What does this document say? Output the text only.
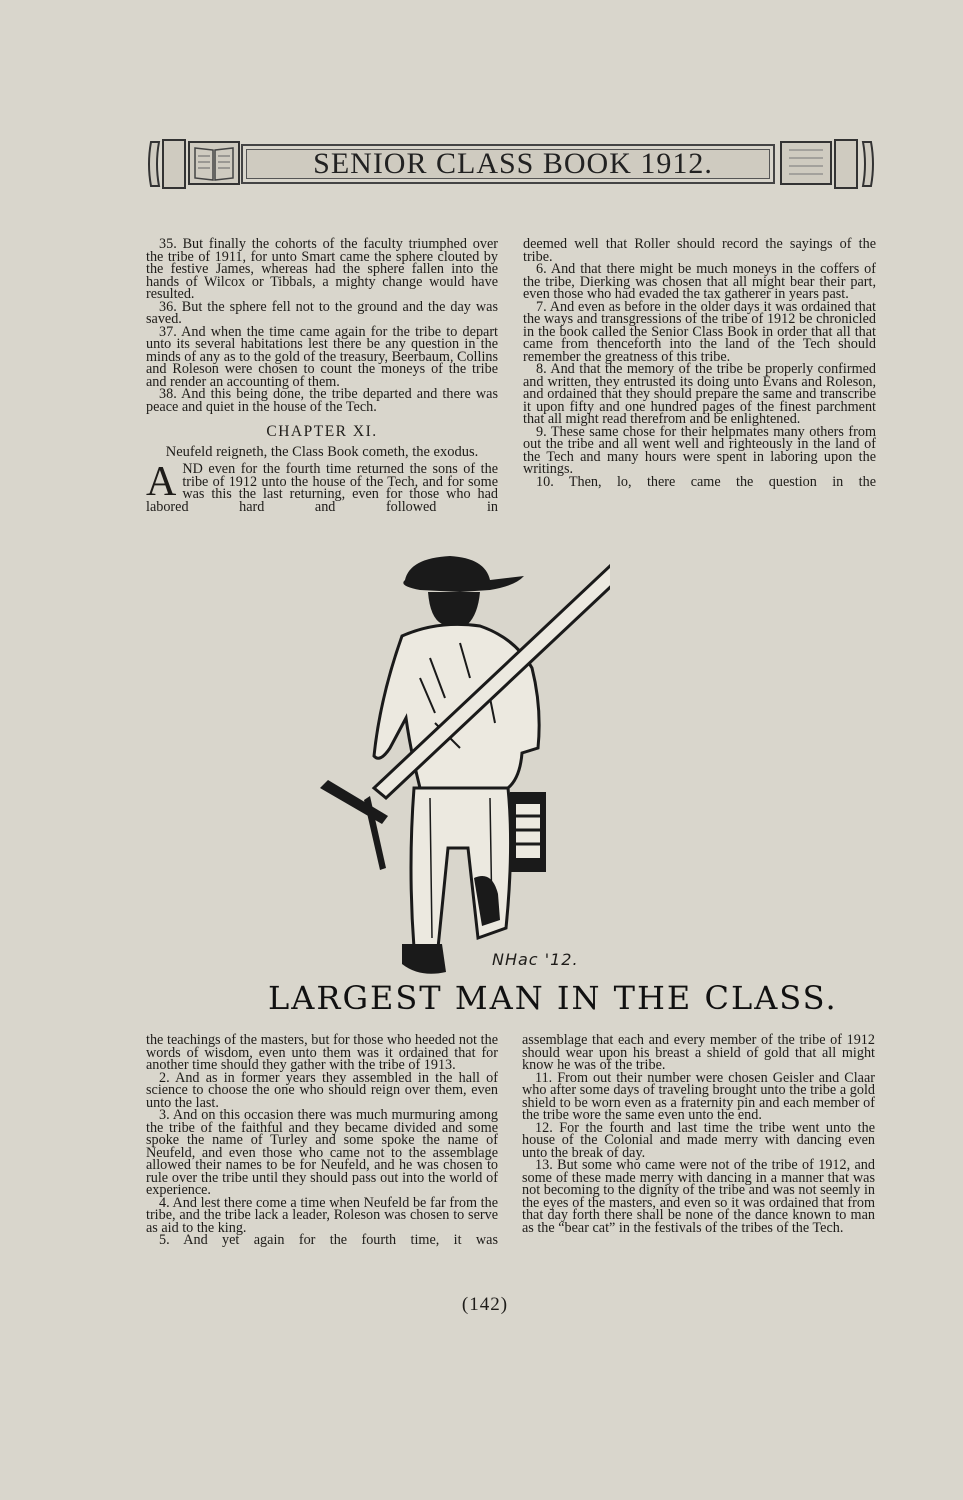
SENIOR CLASS BOOK 1912.

35. But finally the cohorts of the faculty triumphed over the tribe of 1911, for unto Smart came the sphere clouted by the festive James, whereas had the sphere fallen into the hands of Wilcox or Tibbals, a mighty change would have resulted.

36. But the sphere fell not to the ground and the day was saved.

37. And when the time came again for the tribe to depart unto its several habitations lest there be any question in the minds of any as to the gold of the treasury, Beerbaum, Collins and Roleson were chosen to count the moneys of the tribe and render an accounting of them.

38. And this being done, the tribe departed and there was peace and quiet in the house of the Tech.

CHAPTER XI.
Neufeld reigneth, the Class Book cometh, the exodus.

AND even for the fourth time returned the sons of the tribe of 1912 unto the house of the Tech, and for some was this the last returning, even for those who had labored hard and followed in

deemed well that Roller should record the sayings of the tribe.

6. And that there might be much moneys in the coffers of the tribe, Dierking was chosen that all might bear their part, even those who had evaded the tax gatherer in years past.

7. And even as before in the older days it was ordained that the ways and transgressions of the tribe of 1912 be chronicled in the book called the Senior Class Book in order that all that came from thenceforth into the land of the Tech should remember the greatness of this tribe.

8. And that the memory of the tribe be properly confirmed and written, they entrusted its doing unto Evans and Roleson, and ordained that they should prepare the same and transcribe it upon fifty and one hundred pages of the finest parchment that all might read therefrom and be enlightened.

9. These same chose for their helpmates many others from out the tribe and all went well and righteously in the land of the Tech and many hours were spent in laboring upon the writings.

10. Then, lo, there came the question in the

NHac '12.
LARGEST MAN IN THE CLASS.

the teachings of the masters, but for those who heeded not the words of wisdom, even unto them was it ordained that for another time should they gather with the tribe of 1913.

2. And as in former years they assembled in the hall of science to choose the one who should reign over them, even unto the last.

3. And on this occasion there was much murmuring among the tribe of the faithful and they became divided and some spoke the name of Turley and some spoke the name of Neufeld, and even those who came not to the assemblage allowed their names to be for Neufeld, and he was chosen to rule over the tribe until they should pass out into the world of experience.

4. And lest there come a time when Neufeld be far from the tribe, and the tribe lack a leader, Roleson was chosen to serve as aid to the king.

5. And yet again for the fourth time, it was

assemblage that each and every member of the tribe of 1912 should wear upon his breast a shield of gold that all might know he was of the tribe.

11. From out their number were chosen Geisler and Claar who after some days of traveling brought unto the tribe a gold shield to be worn even as a fraternity pin and each member of the tribe wore the same even unto the end.

12. For the fourth and last time the tribe went unto the house of the Colonial and made merry with dancing even unto the break of day.

13. But some who came were not of the tribe of 1912, and some of these made merry with dancing in a manner that was not becoming to the dignity of the tribe and was not seemly in the eyes of the masters, and even so it was ordained that from that day forth there shall be none of the dance known to man as the “bear cat” in the festivals of the tribes of the Tech.

(142)
